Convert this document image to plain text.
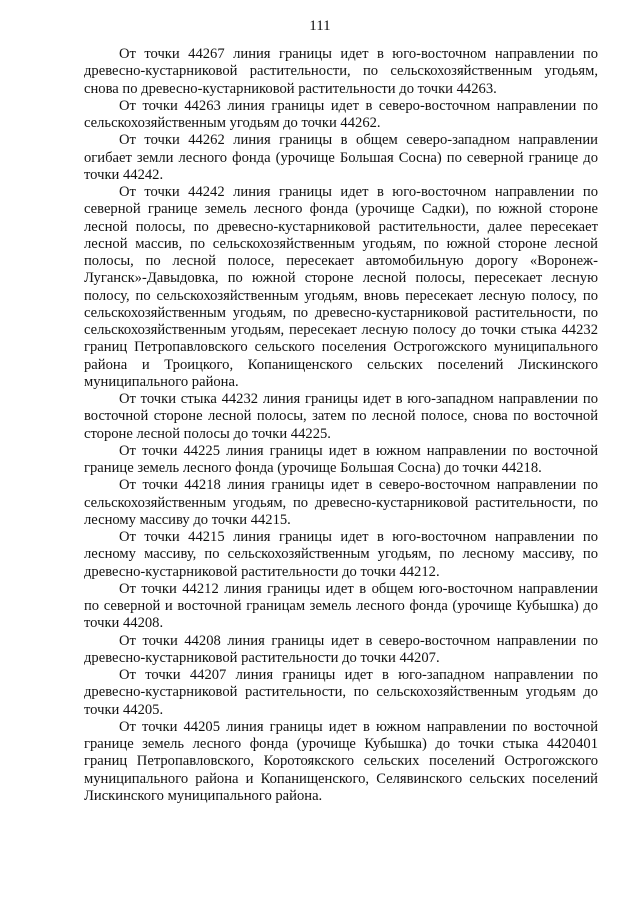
111

От точки 44267 линия границы идет в юго-восточном направлении по древесно-кустарниковой растительности, по сельскохозяйственным угодьям, снова по древесно-кустарниковой растительности до точки 44263.

От точки 44263 линия границы идет в северо-восточном направлении по сельскохозяйственным угодьям до точки 44262.

От точки 44262 линия границы в общем северо-западном направлении огибает земли лесного фонда (урочище Большая Сосна) по северной границе до точки 44242.

От точки 44242 линия границы идет в юго-восточном направлении по северной границе земель лесного фонда (урочище Садки), по южной стороне лесной полосы, по древесно-кустарниковой растительности, далее пересекает лесной массив, по сельскохозяйственным угодьям, по южной стороне лесной полосы, по лесной полосе, пересекает автомобильную дорогу «Воронеж-Луганск»-Давыдовка, по южной стороне лесной полосы, пересекает лесную полосу, по сельскохозяйственным угодьям, вновь пересекает лесную полосу, по сельскохозяйственным угодьям, по древесно-кустарниковой растительности, по сельскохозяйственным угодьям, пересекает лесную полосу до точки стыка 44232 границ Петропавловского сельского поселения Острогожского муниципального района и Троицкого, Копанищенского сельских поселений Лискинского муниципального района.

От точки стыка 44232 линия границы идет в юго-западном направлении по восточной стороне лесной полосы, затем по лесной полосе, снова по восточной стороне лесной полосы до точки 44225.

От точки 44225 линия границы идет в южном направлении по восточной границе земель лесного фонда (урочище Большая Сосна) до точки 44218.

От точки 44218 линия границы идет в северо-восточном направлении по сельскохозяйственным угодьям, по древесно-кустарниковой растительности, по лесному массиву до точки 44215.

От точки 44215 линия границы идет в юго-восточном направлении по лесному массиву, по сельскохозяйственным угодьям, по лесному массиву, по древесно-кустарниковой растительности до точки 44212.

От точки 44212 линия границы идет в общем юго-восточном направлении по северной и восточной границам земель лесного фонда (урочище Кубышка) до точки 44208.

От точки 44208 линия границы идет в северо-восточном направлении по древесно-кустарниковой растительности до точки 44207.

От точки 44207 линия границы идет в юго-западном направлении по древесно-кустарниковой растительности, по сельскохозяйственным угодьям до точки 44205.

От точки 44205 линия границы идет в южном направлении по восточной границе земель лесного фонда (урочище Кубышка) до точки стыка 4420401 границ Петропавловского, Коротоякского сельских поселений Острогожского муниципального района и Копанищенского, Селявинского сельских поселений Лискинского муниципального района.
